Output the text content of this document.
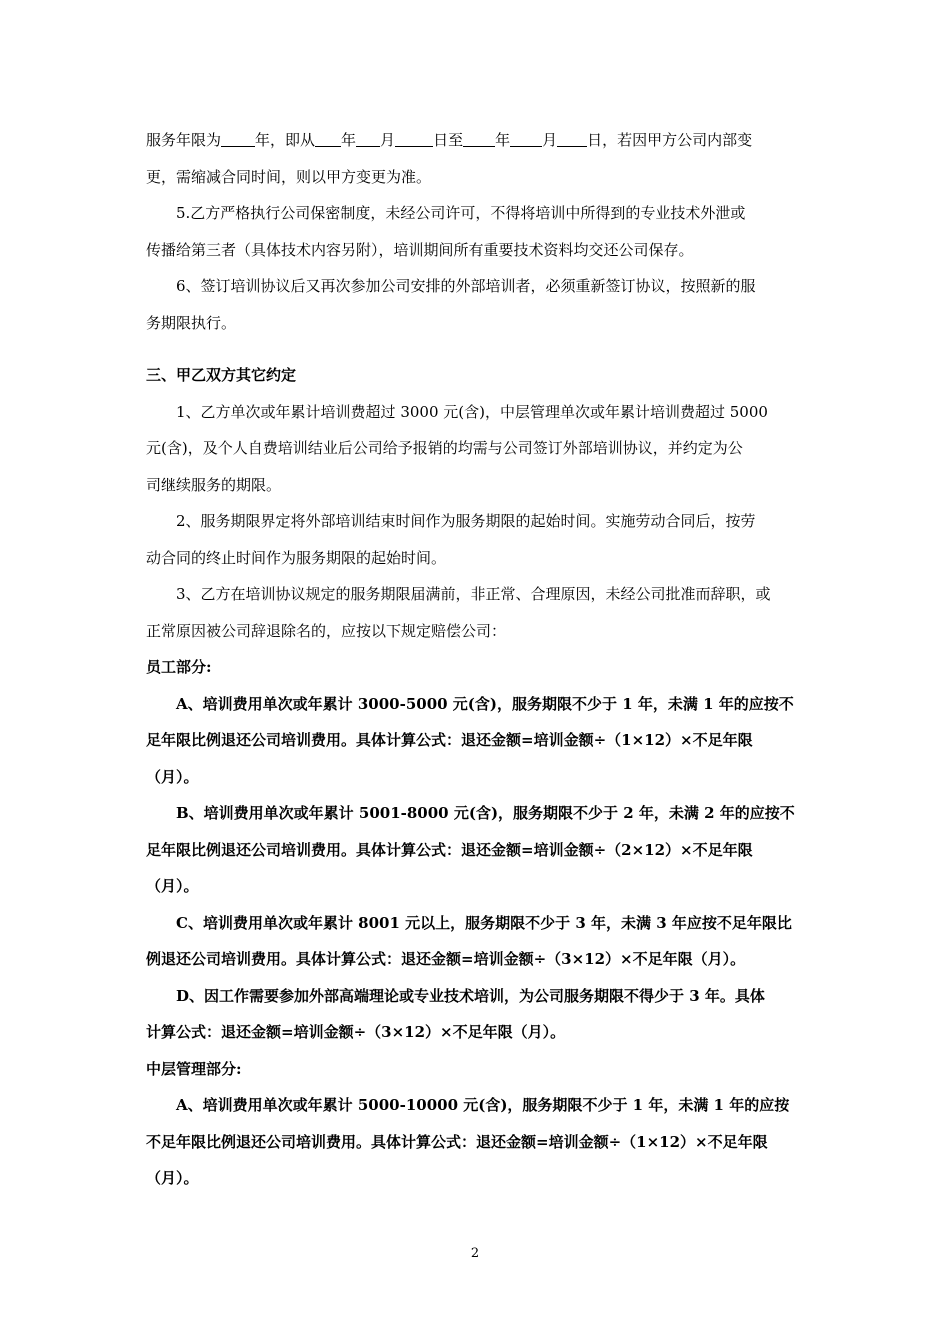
服务年限为 年，即从 年 月	日至 年 月 日，若因甲方公司内部变
更，需缩减合同时间，则以甲方变更为准。
5.乙方严格执行公司保密制度，未经公司许可，不得将培训中所得到的专业技术外泄或
传播给第三者（具体技术内容另附），培训期间所有重要技术资料均交还公司保存。
6、签订培训协议后又再次参加公司安排的外部培训者，必须重新签订协议，按照新的服
务期限执行。
三、甲乙双方其它约定
1、乙方单次或年累计培训费超过 3000 元(含)，中层管理单次或年累计培训费超过 5000
元(含)，及个人自费培训结业后公司给予报销的均需与公司签订外部培训协议，并约定为公
司继续服务的期限。
2、服务期限界定将外部培训结束时间作为服务期限的起始时间。实施劳动合同后，按劳
动合同的终止时间作为服务期限的起始时间。
3、乙方在培训协议规定的服务期限届满前，非正常、合理原因，未经公司批准而辞职，或
正常原因被公司辞退除名的，应按以下规定赔偿公司：
员工部分:
A、培训费用单次或年累计 3000-5000 元(含)，服务期限不少于 1 年，未满 1 年的应按不
足年限比例退还公司培训费用。具体计算公式：退还金额=培训金额÷（1×12）×不足年限
（月）。
B、培训费用单次或年累计 5001-8000 元(含)，服务期限不少于 2 年，未满 2 年的应按不
足年限比例退还公司培训费用。具体计算公式：退还金额=培训金额÷（2×12）×不足年限
（月）。
C、培训费用单次或年累计 8001 元以上，服务期限不少于 3 年，未满 3 年应按不足年限比
例退还公司培训费用。具体计算公式：退还金额=培训金额÷（3×12）×不足年限（月）。
D、因工作需要参加外部高端理论或专业技术培训，为公司服务期限不得少于 3 年。具体
计算公式：退还金额=培训金额÷（3×12）×不足年限（月）。
中层管理部分:
A、培训费用单次或年累计 5000-10000 元(含)，服务期限不少于 1 年，未满 1 年的应按
不足年限比例退还公司培训费用。具体计算公式：退还金额=培训金额÷（1×12）×不足年限
（月）。
2
